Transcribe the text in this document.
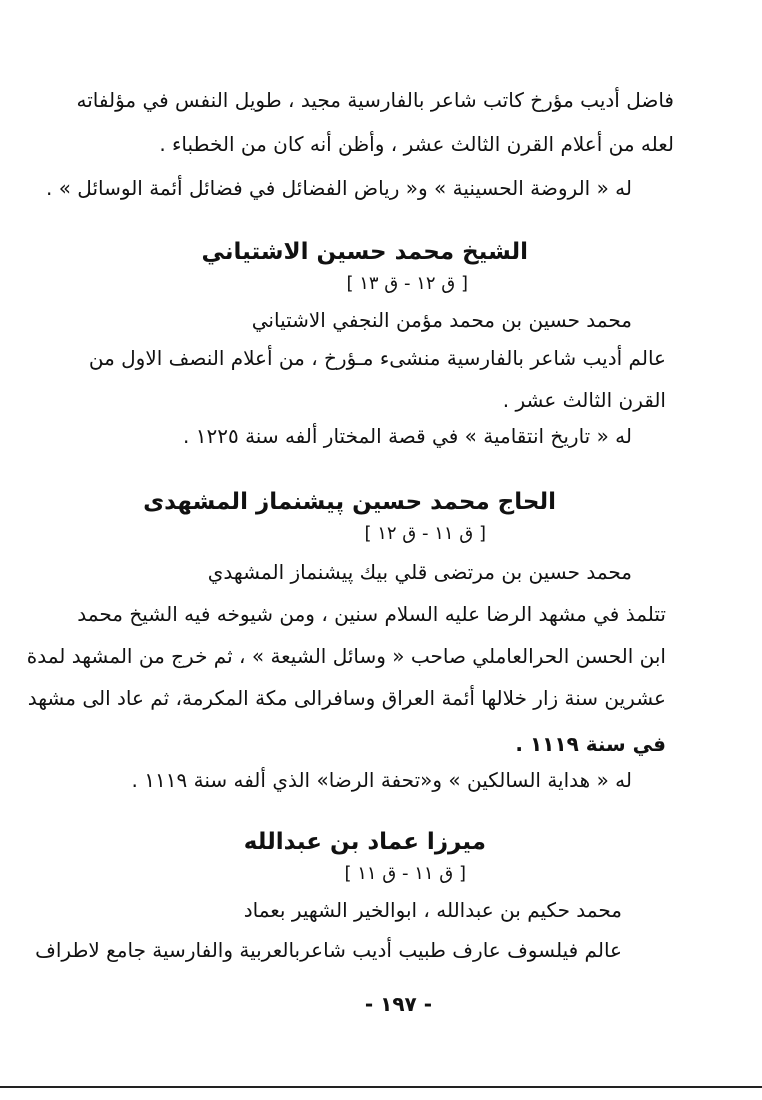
فاضل أديب مؤرخ كاتب شاعر بالفارسية مجيد ، طويل النفس في مؤلفاته
لعله من أعلام القرن الثالث عشر ، وأظن أنه كان من الخطباء .
له « الروضة الحسينية » و« رياض الفضائل في فضائل أئمة الوسائل » .
الشيخ محمد حسين الاشتياني
[ ق ١٢ - ق ١٣ ]
محمد حسين بن محمد مؤمن النجفي الاشتياني
عالم أديب شاعر بالفارسية منشىء مـؤرخ ، من أعلام النصف الاول من
القرن الثالث عشر .
له « تاريخ انتقامية » في قصة المختار ألفه سنة ١٢٢٥ .
الحاج محمد حسين پيشنماز المشهدى
[ ق ١١ - ق ١٢ ]
محمد حسين بن مرتضى قلي بيك پيشنماز المشهدي
تتلمذ في مشهد الرضا عليه السلام سنين ، ومن شيوخه فيه الشيخ محمد
ابن الحسن الحرالعاملي صاحب « وسائل الشيعة » ، ثم خرج من المشهد لمدة
عشرين سنة زار خلالها أئمة العراق وسافرالى مكة المكرمة، ثم عاد الى مشهد
في سنة ١١١٩ .
له « هداية السالكين » و«تحفة الرضا» الذي ألفه سنة ١١١٩ .
ميرزا عماد بن عبدالله
[ ق ١١ - ق ١١ ]
محمد حكيم بن عبدالله ، ابوالخير الشهير بعماد
عالم فيلسوف عارف طبيب أديب شاعربالعربية والفارسية جامع لاطراف
- ١٩٧ -
